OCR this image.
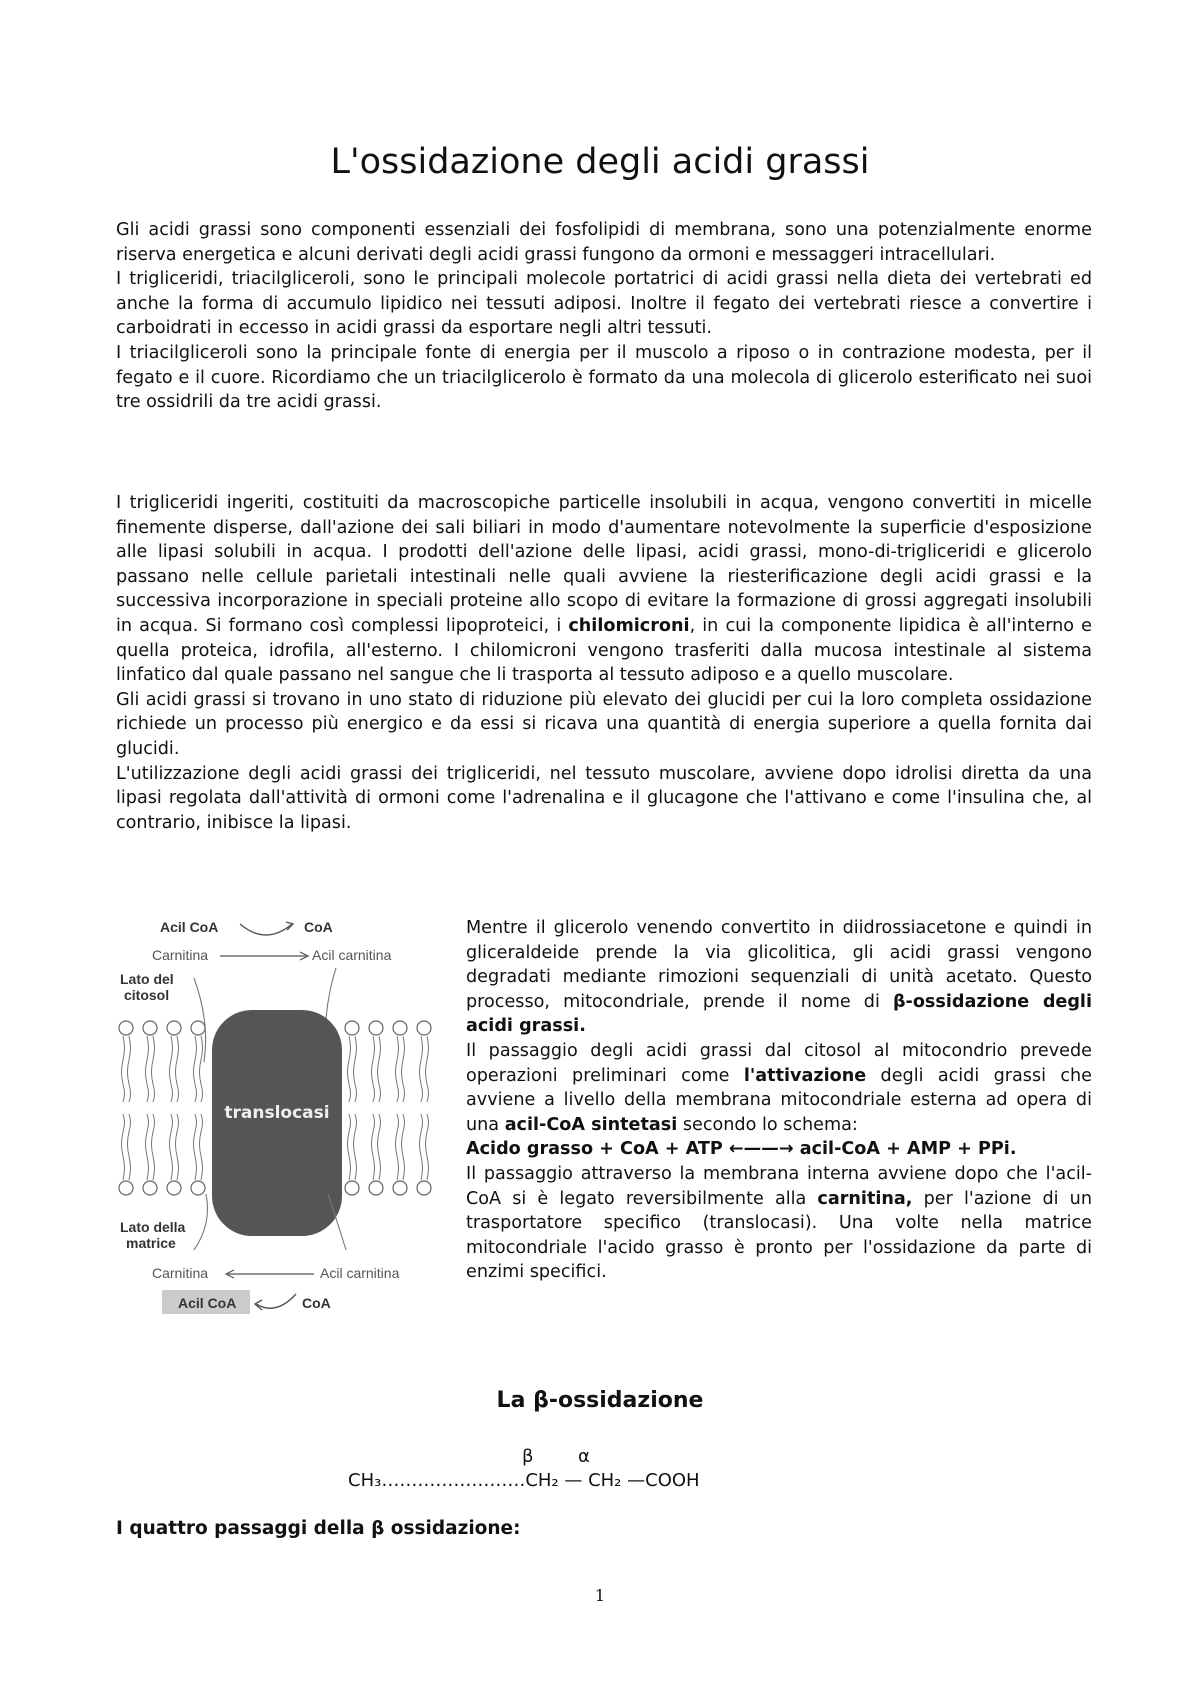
L'ossidazione degli acidi grassi

Gli acidi grassi sono componenti essenziali dei fosfolipidi di membrana, sono una potenzialmente enorme riserva energetica e alcuni derivati degli acidi grassi fungono da ormoni e messaggeri intracellulari.

I trigliceridi, triacilgliceroli, sono le principali molecole portatrici di acidi grassi nella dieta dei vertebrati ed anche la forma di accumulo lipidico nei tessuti adiposi. Inoltre il fegato dei vertebrati riesce a convertire i carboidrati in eccesso in acidi grassi da esportare negli altri tessuti.

I triacilgliceroli sono la principale fonte di energia per il muscolo a riposo o in contrazione modesta, per il fegato e il cuore. Ricordiamo che un triacilglicerolo è formato da una molecola di glicerolo esterificato nei suoi tre ossidrili da tre acidi grassi.

I trigliceridi ingeriti, costituiti da macroscopiche particelle insolubili in acqua, vengono convertiti in micelle finemente disperse, dall'azione dei sali biliari in modo d'aumentare notevolmente la superficie d'esposizione alle lipasi solubili in acqua. I prodotti dell'azione delle lipasi, acidi grassi, mono-di-trigliceridi e glicerolo passano nelle cellule parietali intestinali nelle quali avviene la riesterificazione degli acidi grassi e la successiva incorporazione in speciali proteine allo scopo di evitare la formazione di grossi aggregati insolubili in acqua. Si formano così complessi lipoproteici, i chilomicroni, in cui la componente lipidica è all'interno e quella proteica, idrofila, all'esterno. I chilomicroni vengono trasferiti dalla mucosa intestinale al sistema linfatico dal quale passano nel sangue che li trasporta al tessuto adiposo e a quello muscolare.

Gli acidi grassi si trovano in uno stato di riduzione più elevato dei glucidi per cui la loro completa ossidazione richiede un processo più energico e da essi si ricava una quantità di energia superiore a quella fornita dai glucidi.

L'utilizzazione degli acidi grassi dei trigliceridi, nel tessuto muscolare, avviene dopo idrolisi diretta da una lipasi regolata dall'attività di ormoni come l'adrenalina e il glucagone che l'attivano e come l'insulina che, al contrario, inibisce la lipasi.

Acil CoA	CoA
Carnitina	Acil carnitina
Lato del
citosol
translocasi
Lato della
matrice
Carnitina	Acil carnitina
Acil CoA	CoA

Mentre il glicerolo venendo convertito in diidrossiacetone e quindi in gliceraldeide prende la via glicolitica, gli acidi grassi vengono degradati mediante rimozioni sequenziali di unità acetato. Questo processo, mitocondriale, prende il nome di β-ossidazione degli acidi grassi.

Il passaggio degli acidi grassi dal citosol al mitocondrio prevede operazioni preliminari come l'attivazione degli acidi grassi che avviene a livello della membrana mitocondriale esterna ad opera di una acil-CoA sintetasi secondo lo schema:

Acido grasso + CoA + ATP ←——→ acil-CoA + AMP + PPi.

Il passaggio attraverso la membrana interna avviene dopo che l'acil-CoA si è legato reversibilmente alla carnitina, per l'azione di un trasportatore specifico (translocasi). Una volte nella matrice mitocondriale l'acido grasso è pronto per l'ossidazione da parte di enzimi specifici.

La β-ossidazione
β α
CH₃……………………CH₂ — CH₂ —COOH

I quattro passaggi della β ossidazione:

1
